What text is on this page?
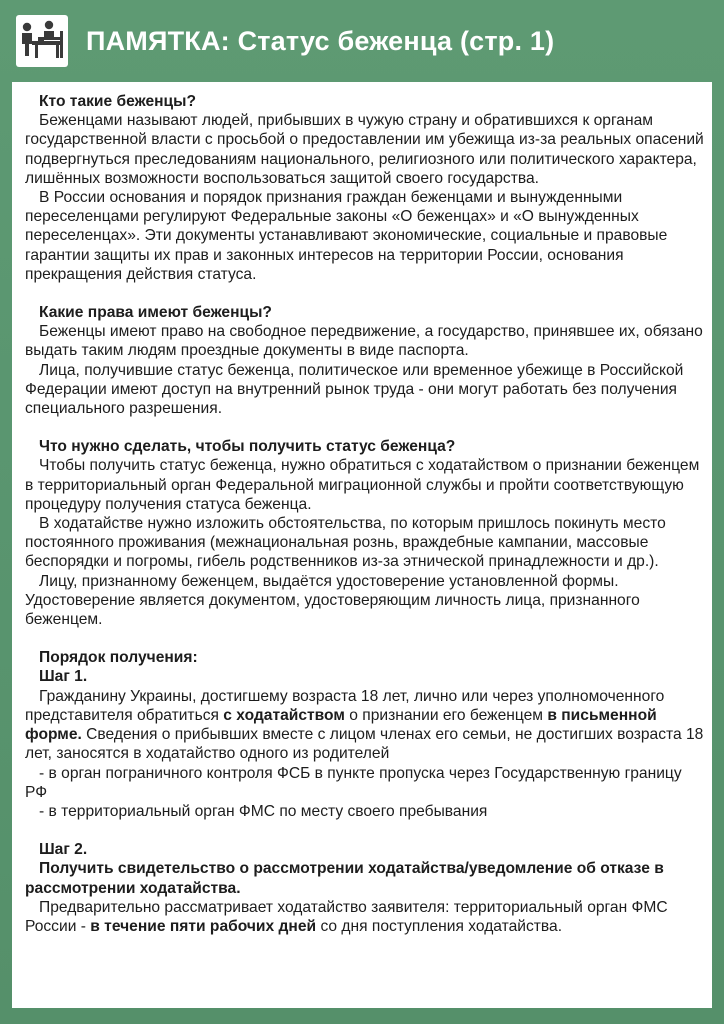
ПАМЯТКА: Статус беженца (стр. 1)

Кто такие беженцы?

Беженцами называют людей, прибывших в чужую страну и обратившихся к органам государственной власти с просьбой о предоставлении им убежища из-за реальных опасений подвергнуться преследованиям национального, религиозного или политического характера, лишённых возможности воспользоваться защитой своего государства.

В России основания и порядок признания граждан беженцами и вынужденными переселенцами регулируют Федеральные законы «О беженцах» и «О вынужденных переселенцах». Эти документы устанавливают экономические, социальные и правовые гарантии защиты их прав и законных интересов на территории России, основания прекращения действия статуса.

Какие права имеют беженцы?

Беженцы имеют право на свободное передвижение, а государство, принявшее их, обязано выдать таким людям проездные документы в виде паспорта.

Лица, получившие статус беженца, политическое или временное убежище в Российской Федерации имеют доступ на внутренний рынок труда - они могут работать без получения специального разрешения.

Что нужно сделать, чтобы получить статус беженца?

Чтобы получить статус беженца, нужно обратиться с ходатайством о признании беженцем в территориальный орган Федеральной миграционной службы и пройти соответствующую процедуру получения статуса беженца.

В ходатайстве нужно изложить обстоятельства, по которым пришлось покинуть место постоянного проживания (межнациональная рознь, враждебные кампании, массовые беспорядки и погромы, гибель родственников из-за этнической принадлежности и др.).

Лицу, признанному беженцем, выдаётся удостоверение установленной формы. Удостоверение является документом, удостоверяющим личность лица, признанного беженцем.

Порядок получения:

Шаг 1.

Гражданину Украины, достигшему возраста 18 лет, лично или через уполномоченного представителя обратиться с ходатайством о признании его беженцем в письменной форме. Сведения о прибывших вместе с лицом членах его семьи, не достигших возраста 18 лет, заносятся в ходатайство одного из родителей

- в орган пограничного контроля ФСБ в пункте пропуска через Государственную границу РФ

- в территориальный орган ФМС по месту своего пребывания

Шаг 2.

Получить свидетельство о рассмотрении ходатайства/уведомление об отказе в рассмотрении ходатайства.

Предварительно рассматривает ходатайство заявителя: территориальный орган ФМС России - в течение пяти рабочих дней со дня поступления ходатайства.
